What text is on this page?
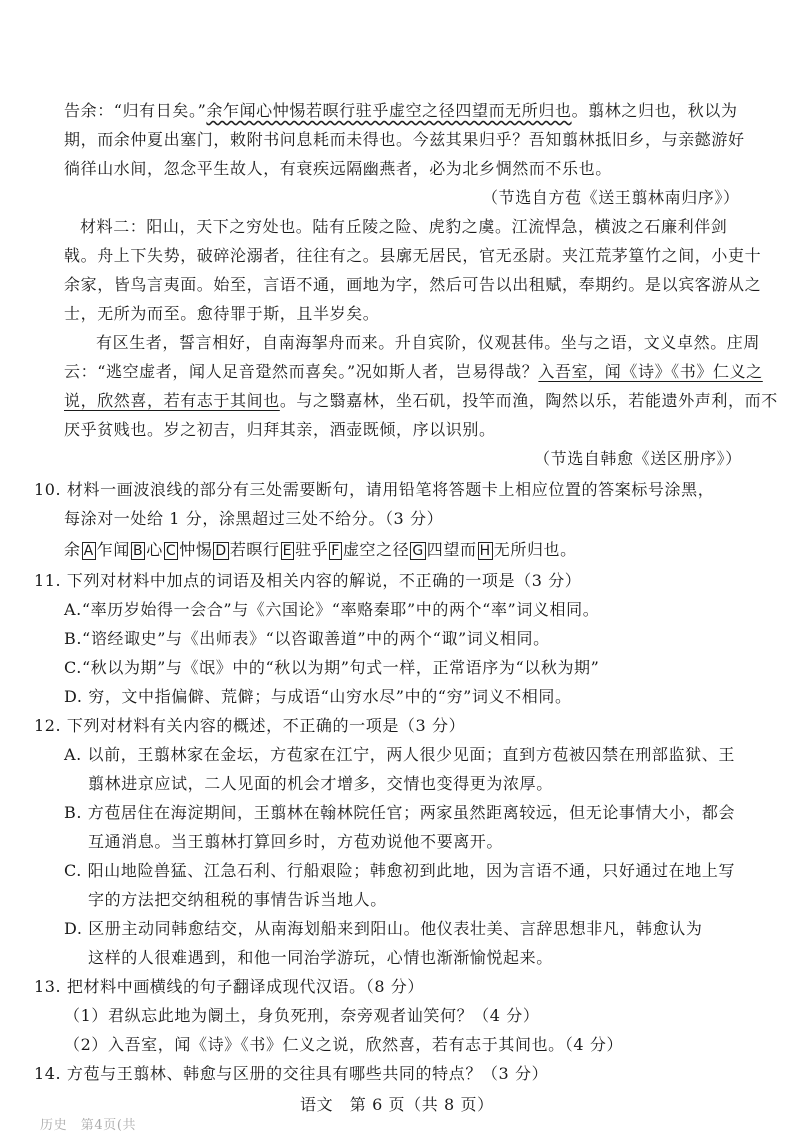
告余：“归有日矣。”余乍闻心忡惕若暝行驻乎虚空之径四望而无所归也。翦林之归也，秋以为
期，而余仲夏出塞门，敕附书问息耗而未得也。今兹其果归乎？吾知翦林抵旧乡，与亲懿游好
徜徉山水间，忽念平生故人，有衰疾远隔幽燕者，必为北乡惆然而不乐也。
（节选自方苞《送王翦林南归序》）
材料二：阳山，天下之穷处也。陆有丘陵之险、虎豹之虞。江流悍急，横波之石廉利伴剑
戟。舟上下失势，破碎沦溺者，往往有之。县廓无居民，官无丞尉。夹江荒茅篁竹之间，小吏十
余家，皆鸟言夷面。始至，言语不通，画地为字，然后可告以出租赋，奉期约。是以宾客游从之
士，无所为而至。愈待罪于斯，且半岁矣。
有区生者，誓言相好，自南海挐舟而来。升自宾阶，仪观甚伟。坐与之语，文义卓然。庄周
云：“逃空虚者，闻人足音跫然而喜矣。”况如斯人者，岂易得哉？入吾室，闻《诗》《书》仁义之
说，欣然喜，若有志于其间也。与之翳嘉林，坐石矶，投竿而渔，陶然以乐，若能遗外声利，而不
厌乎贫贱也。岁之初吉，归拜其亲，酒壶既倾，序以识别。
（节选自韩愈《送区册序》）
10. 材料一画波浪线的部分有三处需要断句，请用铅笔将答题卡上相应位置的答案标号涂黑，
每涂对一处给 1 分，涂黑超过三处不给分。（3 分）
余 A 乍闻 B 心 C 忡惕 D 若暝行 E 驻乎 F 虚空之径 G 四望而 H 无所归也。
11. 下列对材料中加点的词语及相关内容的解说，不正确的一项是（3 分）
A.“率历岁始得一会合”与《六国论》“率赂秦耶”中的两个“率”词义相同。
B.“谘经诹史”与《出师表》“以咨诹善道”中的两个“诹”词义相同。
C.“秋以为期”与《氓》中的“秋以为期”句式一样，正常语序为“以秋为期”
D. 穷，文中指偏僻、荒僻；与成语“山穷水尽”中的“穷”词义不相同。
12. 下列对材料有关内容的概述，不正确的一项是（3 分）
A. 以前，王翦林家在金坛，方苞家在江宁，两人很少见面；直到方苞被囚禁在刑部监狱、王
翦林进京应试，二人见面的机会才增多，交情也变得更为浓厚。
B. 方苞居住在海淀期间，王翦林在翰林院任官；两家虽然距离较远，但无论事情大小，都会
互通消息。当王翦林打算回乡时，方苞劝说他不要离开。
C. 阳山地险兽猛、江急石利、行船艰险；韩愈初到此地，因为言语不通，只好通过在地上写
字的方法把交纳租税的事情告诉当地人。
D. 区册主动同韩愈结交，从南海划船来到阳山。他仪表壮美、言辞思想非凡，韩愈认为
这样的人很难遇到，和他一同治学游玩，心情也渐渐愉悦起来。
13. 把材料中画横线的句子翻译成现代汉语。（8 分）
（1）君纵忘此地为阛土，身负死刑，奈旁观者讪笑何？（4 分）
（2）入吾室，闻《诗》《书》仁义之说，欣然喜，若有志于其间也。（4 分）
14. 方苞与王翦林、韩愈与区册的交往具有哪些共同的特点？（3 分）
语文　第 6 页（共 8 页）
历史　第4页(共
